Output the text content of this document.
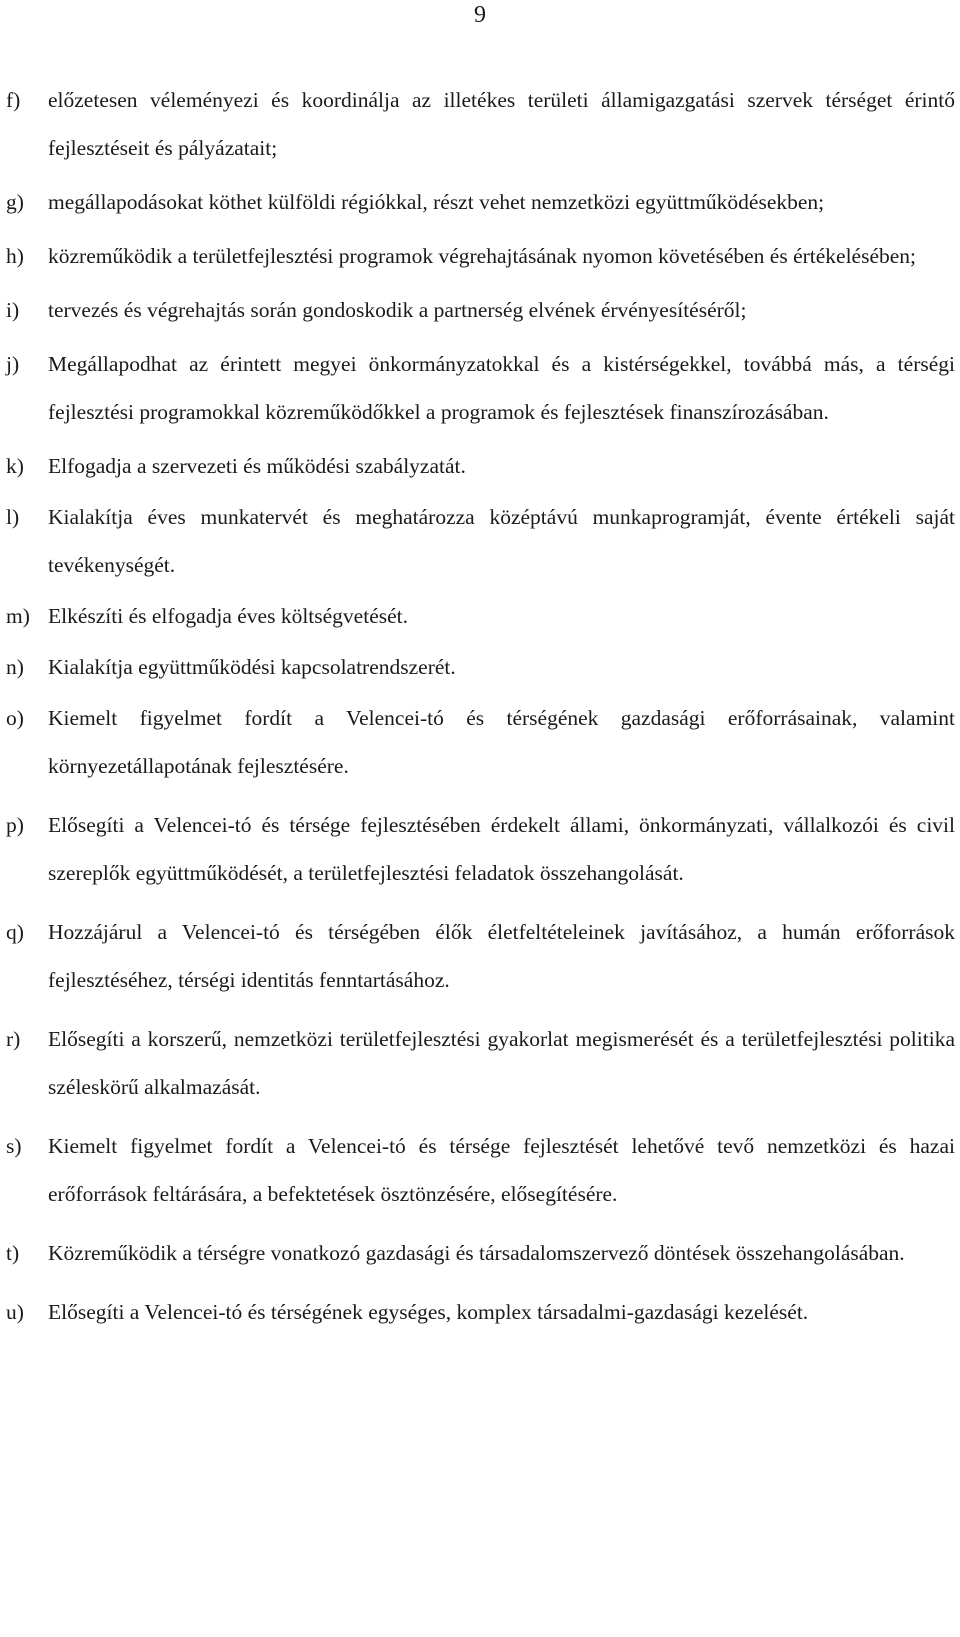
9
f) előzetesen véleményezi és koordinálja az illetékes területi államigazgatási szervek térséget érintő fejlesztéseit és pályázatait;
g) megállapodásokat köthet külföldi régiókkal, részt vehet nemzetközi együttműködésekben;
h) közreműködik a területfejlesztési programok végrehajtásának nyomon követésében és értékelésében;
i) tervezés és végrehajtás során gondoskodik a partnerség elvének érvényesítéséről;
j) Megállapodhat az érintett megyei önkormányzatokkal és a kistérségekkel, továbbá más, a térségi fejlesztési programokkal közreműködőkkel a programok és fejlesztések finanszírozásában.
k) Elfogadja a szervezeti és működési szabályzatát.
l) Kialakítja éves munkatervét és meghatározza középtávú munkaprogramját, évente értékeli saját tevékenységét.
m) Elkészíti és elfogadja éves költségvetését.
n) Kialakítja együttműködési kapcsolatrendszerét.
o) Kiemelt figyelmet fordít a Velencei-tó és térségének gazdasági erőforrásainak, valamint környezetállapotának fejlesztésére.
p) Elősegíti a Velencei-tó és térsége fejlesztésében érdekelt állami, önkormányzati, vállalkozói és civil szereplők együttműködését, a területfejlesztési feladatok összehangolását.
q) Hozzájárul a Velencei-tó és térségében élők életfeltételeinek javításához, a humán erőforrások fejlesztéséhez, térségi identitás fenntartásához.
r) Elősegíti a korszerű, nemzetközi területfejlesztési gyakorlat megismerését és a területfejlesztési politika széleskörű alkalmazását.
s) Kiemelt figyelmet fordít a Velencei-tó és térsége fejlesztését lehetővé tevő nemzetközi és hazai erőforrások feltárására, a befektetések ösztönzésére, elősegítésére.
t) Közreműködik a térségre vonatkozó gazdasági és társadalomszervező döntések összehangolásában.
u) Elősegíti a Velencei-tó és térségének egységes, komplex társadalmi-gazdasági kezelését.
